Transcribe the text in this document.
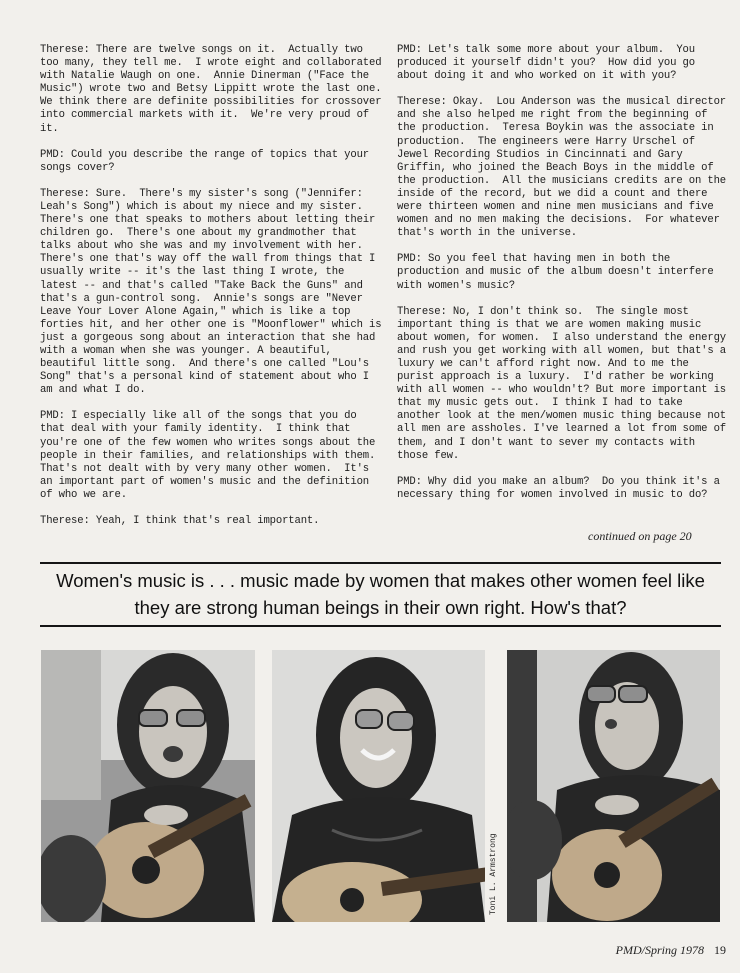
Therese: There are twelve songs on it.  Actually two too many, they tell me.  I wrote eight and collaborated with Natalie Waugh on one.  Annie Dinerman ("Face the Music") wrote two and Betsy Lippitt wrote the last one.  We think there are definite possibilities for crossover into commercial markets with it.  We're very proud of it.

PMD: Could you describe the range of topics that your songs cover?

Therese: Sure.  There's my sister's song ("Jennifer: Leah's Song") which is about my niece and my sister.  There's one that speaks to mothers about letting their children go.  There's one about my grandmother that talks about who she was and my involvement with her.  There's one that's way off the wall from things that I usually write -- it's the last thing I wrote, the latest -- and that's called "Take Back the Guns" and that's a gun-control song.  Annie's songs are "Never Leave Your Lover Alone Again," which is like a top forties hit, and her other one is "Moonflower" which is just a gorgeous song about an interaction that she had with a woman when she was younger. A beautiful, beautiful little song.  And there's one called "Lou's Song" that's a personal kind of statement about who I am and what I do.

PMD: I especially like all of the songs that you do that deal with your family identity.  I think that you're one of the few women who writes songs about the people in their families, and relationships with them.  That's not dealt with by very many other women.  It's an important part of women's music and the definition of who we are.

Therese: Yeah, I think that's real important.

PMD: Let's talk some more about your album.  You produced it yourself didn't you?  How did you go about doing it and who worked on it with you?

Therese: Okay.  Lou Anderson was the musical director and she also helped me right from the beginning of the production.  Teresa Boykin was the associate in production.  The engineers were Harry Urschel of Jewel Recording Studios in Cincinnati and Gary Griffin, who joined the Beach Boys in the middle of the production.  All the musicians credits are on the inside of the record, but we did a count and there were thirteen women and nine men musicians and five women and no men making the decisions.  For whatever that's worth in the universe.

PMD: So you feel that having men in both the production and music of the album doesn't interfere with women's music?

Therese: No, I don't think so.  The single most important thing is that we are women making music about women, for women.  I also understand the energy and rush you get working with all women, but that's a luxury we can't afford right now. And to me the purist approach is a luxury.  I'd rather be working with all women -- who wouldn't? But more important is that my music gets out.  I think I had to take another look at the men/women music thing because not all men are assholes. I've learned a lot from some of them, and I don't want to sever my contacts with those few.

PMD: Why did you make an album?  Do you think it's a necessary thing for women involved in music to do?

continued on page 20
Women's music is . . . music made by women that makes other women feel like they are strong human beings in their own right. How's that?
Toni L. Armstrong
PMD/Spring 1978 19
